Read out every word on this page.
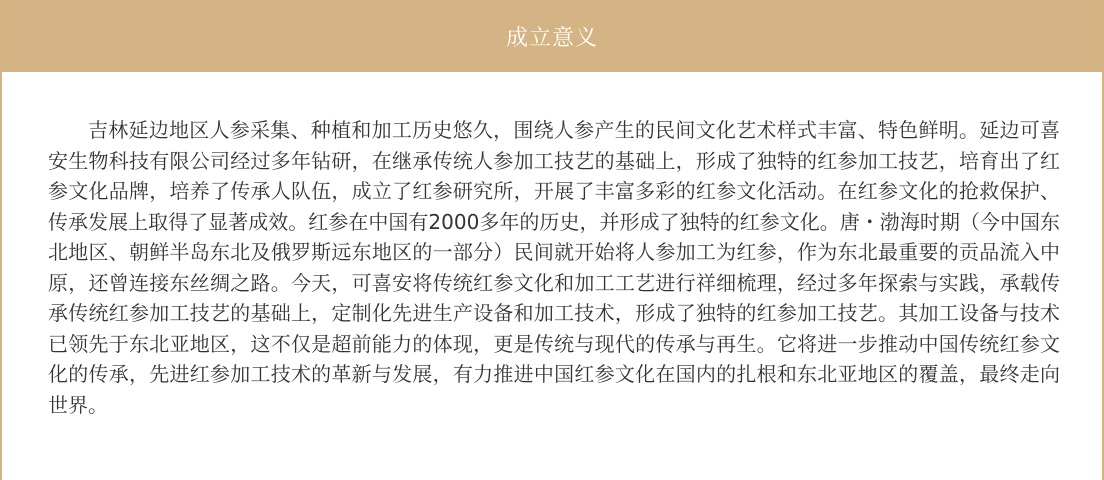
成立意义

吉林延边地区人参采集、种植和加工历史悠久，围绕人参产生的民间文化艺术样式丰富、特色鲜明。延边可喜安生物科技有限公司经过多年钻研，在继承传统人参加工技艺的基础上，形成了独特的红参加工技艺，培育出了红参文化品牌，培养了传承人队伍，成立了红参研究所，开展了丰富多彩的红参文化活动。在红参文化的抢救保护、传承发展上取得了显著成效。红参在中国有2000多年的历史，并形成了独特的红参文化。唐・渤海时期（今中国东北地区、朝鲜半岛东北及俄罗斯远东地区的一部分）民间就开始将人参加工为红参，作为东北最重要的贡品流入中原，还曾连接东丝绸之路。今天，可喜安将传统红参文化和加工工艺进行祥细梳理，经过多年探索与实践，承载传承传统红参加工技艺的基础上，定制化先进生产设备和加工技术，形成了独特的红参加工技艺。其加工设备与技术已领先于东北亚地区，这不仅是超前能力的体现，更是传统与现代的传承与再生。它将进一步推动中国传统红参文化的传承，先进红参加工技术的革新与发展，有力推进中国红参文化在国内的扎根和东北亚地区的覆盖，最终走向世界。
